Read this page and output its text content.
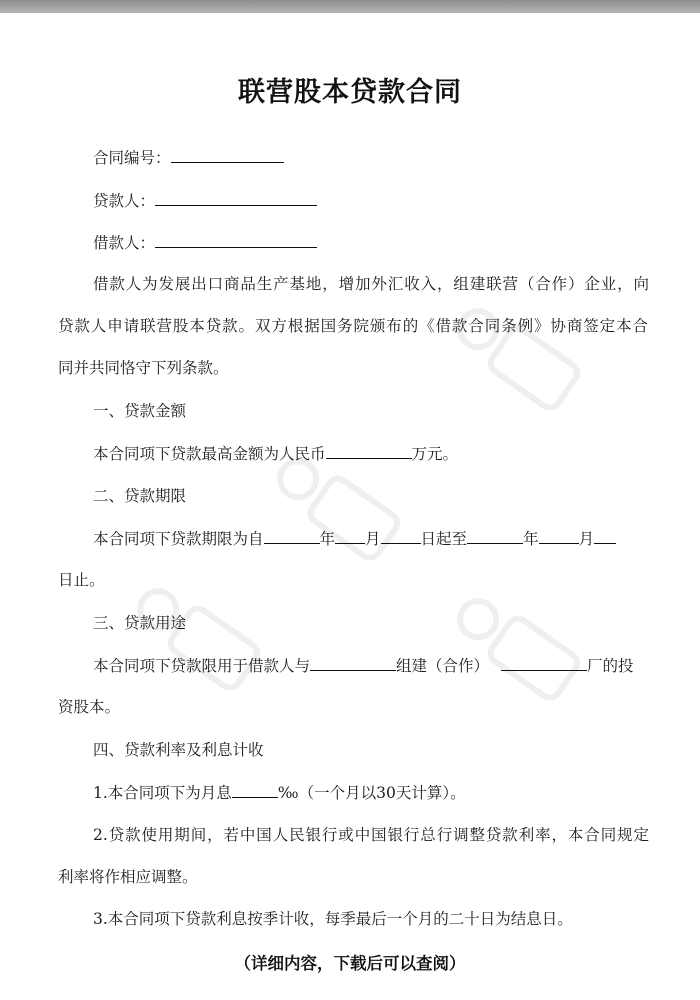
联营股本贷款合同
合同编号：
贷款人：
借款人：
借款人为发展出口商品生产基地，增加外汇收入，组建联营（合作）企业，向
贷款人申请联营股本贷款。双方根据国务院颁布的《借款合同条例》协商签定本合
同并共同恪守下列条款。
一、贷款金额
本合同项下贷款最高金额为人民币	万元。
二、贷款期限
本合同项下贷款期限为自	年 月	日起至	年	月
日止。
三、贷款用途
本合同项下贷款限用于借款人与	组建（合作）	厂的投
资股本。
四、贷款利率及利息计收
1.本合同项下为月息	‰（一个月以30天计算）。
2.贷款使用期间，若中国人民银行或中国银行总行调整贷款利率，本合同规定
利率将作相应调整。
3.本合同项下贷款利息按季计收，每季最后一个月的二十日为结息日。
（详细内容，下载后可以查阅）
